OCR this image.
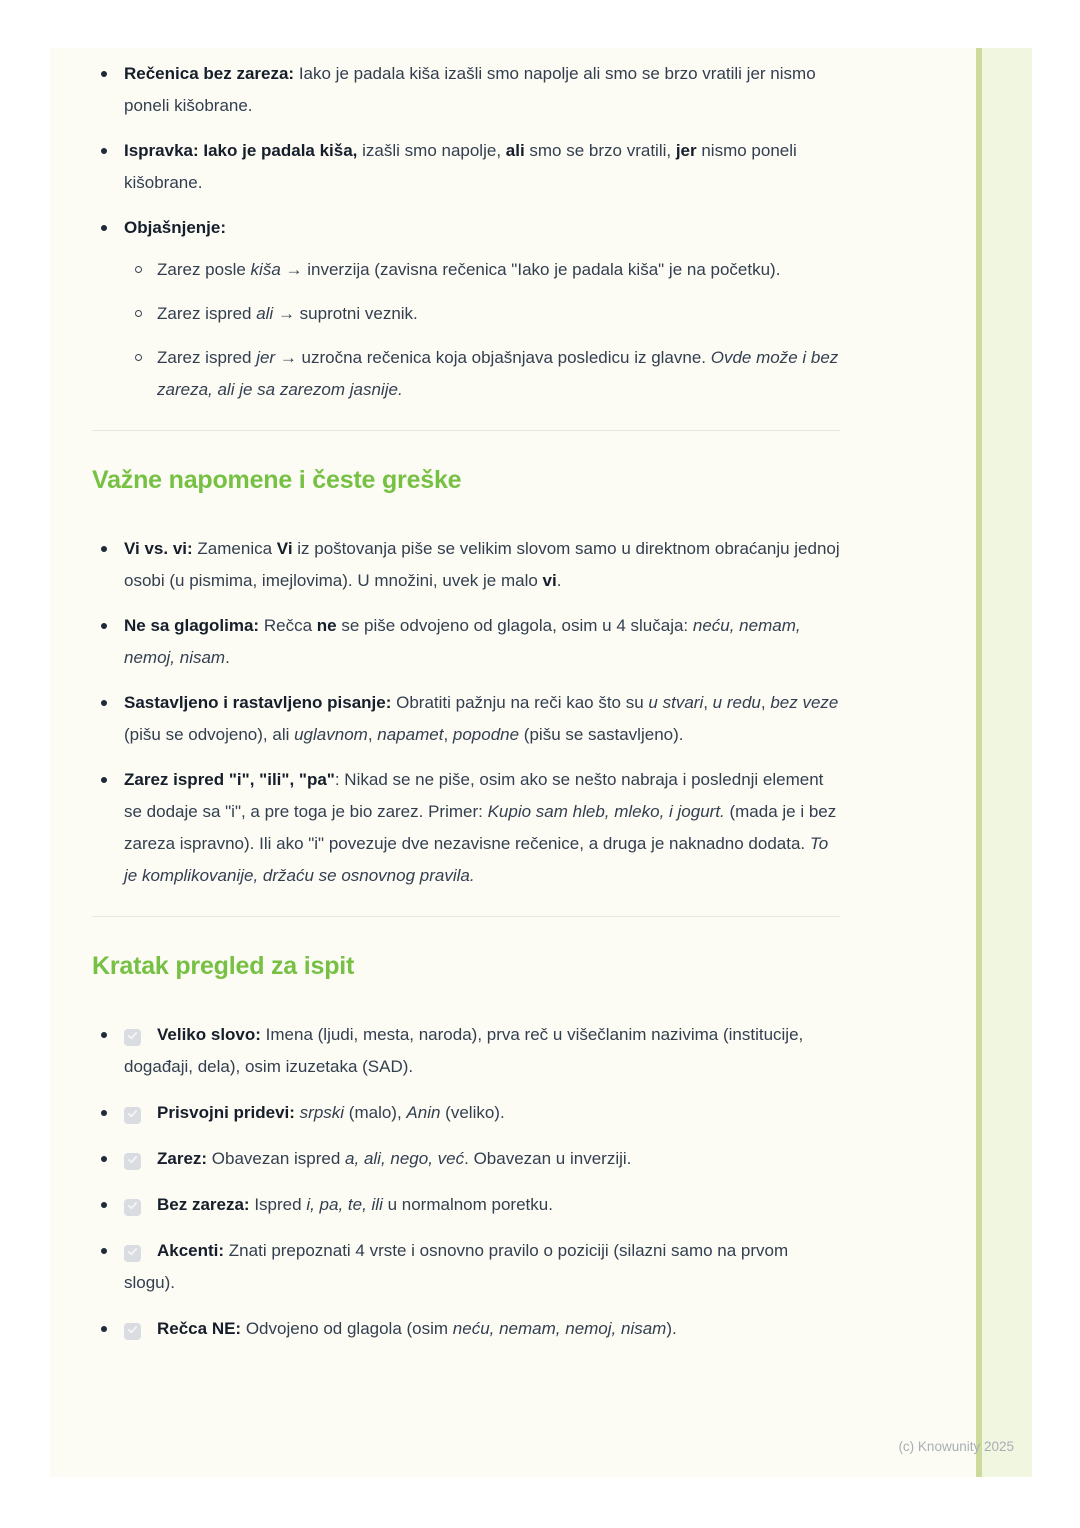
Rečenica bez zareza: Iako je padala kiša izašli smo napolje ali smo se brzo vratili jer nismo poneli kišobrane.
Ispravka: Iako je padala kiša, izašli smo napolje, ali smo se brzo vratili, jer nismo poneli kišobrane.
Objašnjenje:
Zarez posle kiša → inverzija (zavisna rečenica "Iako je padala kiša" je na početku).
Zarez ispred ali → suprotni veznik.
Zarez ispred jer → uzročna rečenica koja objašnjava posledicu iz glavne. Ovde može i bez zareza, ali je sa zarezom jasnije.
Važne napomene i česte greške
Vi vs. vi: Zamenica Vi iz poštovanja piše se velikim slovom samo u direktnom obraćanju jednoj osobi (u pismima, imejlovima). U množini, uvek je malo vi.
Ne sa glagolima: Rečca ne se piše odvojeno od glagola, osim u 4 slučaja: neću, nemam, nemoj, nisam.
Sastavljeno i rastavljeno pisanje: Obratiti pažnju na reči kao što su u stvari, u redu, bez veze (pišu se odvojeno), ali uglavnom, napamet, popodne (pišu se sastavljeno).
Zarez ispred "i", "ili", "pa": Nikad se ne piše, osim ako se nešto nabraja i poslednji element se dodaje sa "i", a pre toga je bio zarez. Primer: Kupio sam hleb, mleko, i jogurt. (mada je i bez zareza ispravno). Ili ako "i" povezuje dve nezavisne rečenice, a druga je naknadno dodata. To je komplikovanije, držaću se osnovnog pravila.
Kratak pregled za ispit
Veliko slovo: Imena (ljudi, mesta, naroda), prva reč u višečlanim nazivima (institucije, događaji, dela), osim izuzetaka (SAD).
Prisvojni pridevi: srpski (malo), Anin (veliko).
Zarez: Obavezan ispred a, ali, nego, već. Obavezan u inverziji.
Bez zareza: Ispred i, pa, te, ili u normalnom poretku.
Akcenti: Znati prepoznati 4 vrste i osnovno pravilo o poziciji (silazni samo na prvom slogu).
Rečca NE: Odvojeno od glagola (osim neću, nemam, nemoj, nisam).
(c) Knowunity 2025
